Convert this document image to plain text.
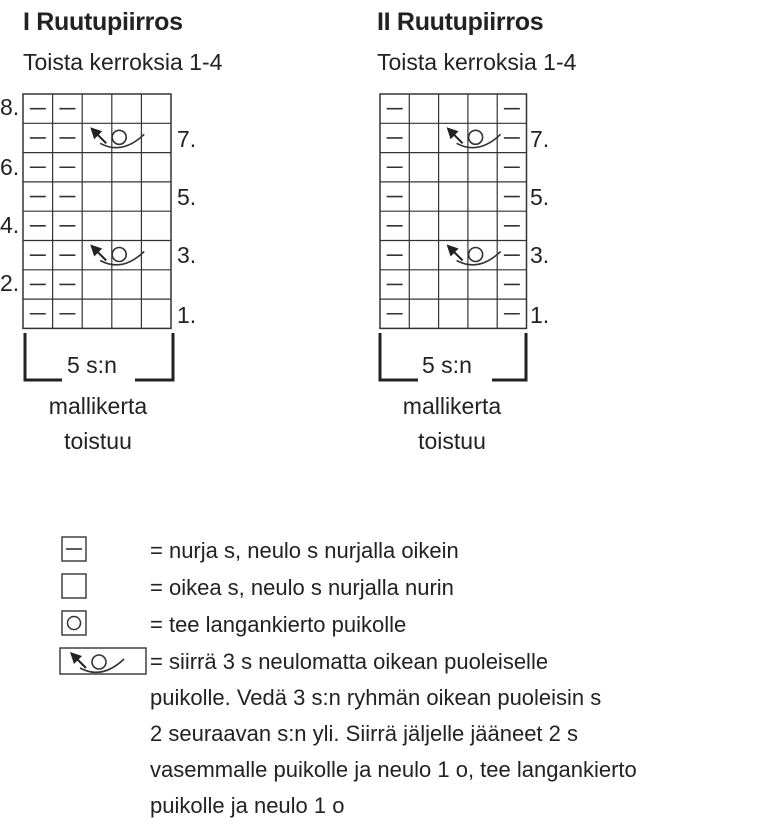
I Ruutupiirros
Toista kerroksia 1-4
8.
6.
4.
2.
7.
5.
3.
1.
5 s:n
mallikerta
toistuu
II Ruutupiirros
Toista kerroksia 1-4
7.
5.
3.
1.
5 s:n
mallikerta
toistuu
= nurja s, neulo s nurjalla oikein
= oikea s, neulo s nurjalla nurin
= tee langankierto puikolle
= siirrä 3 s neulomatta oikean puoleiselle
puikolle. Vedä 3 s:n ryhmän oikean puoleisin s
2 seuraavan s:n yli. Siirrä jäljelle jääneet 2 s
vasemmalle puikolle ja neulo 1 o, tee langankierto
puikolle ja neulo 1 o
